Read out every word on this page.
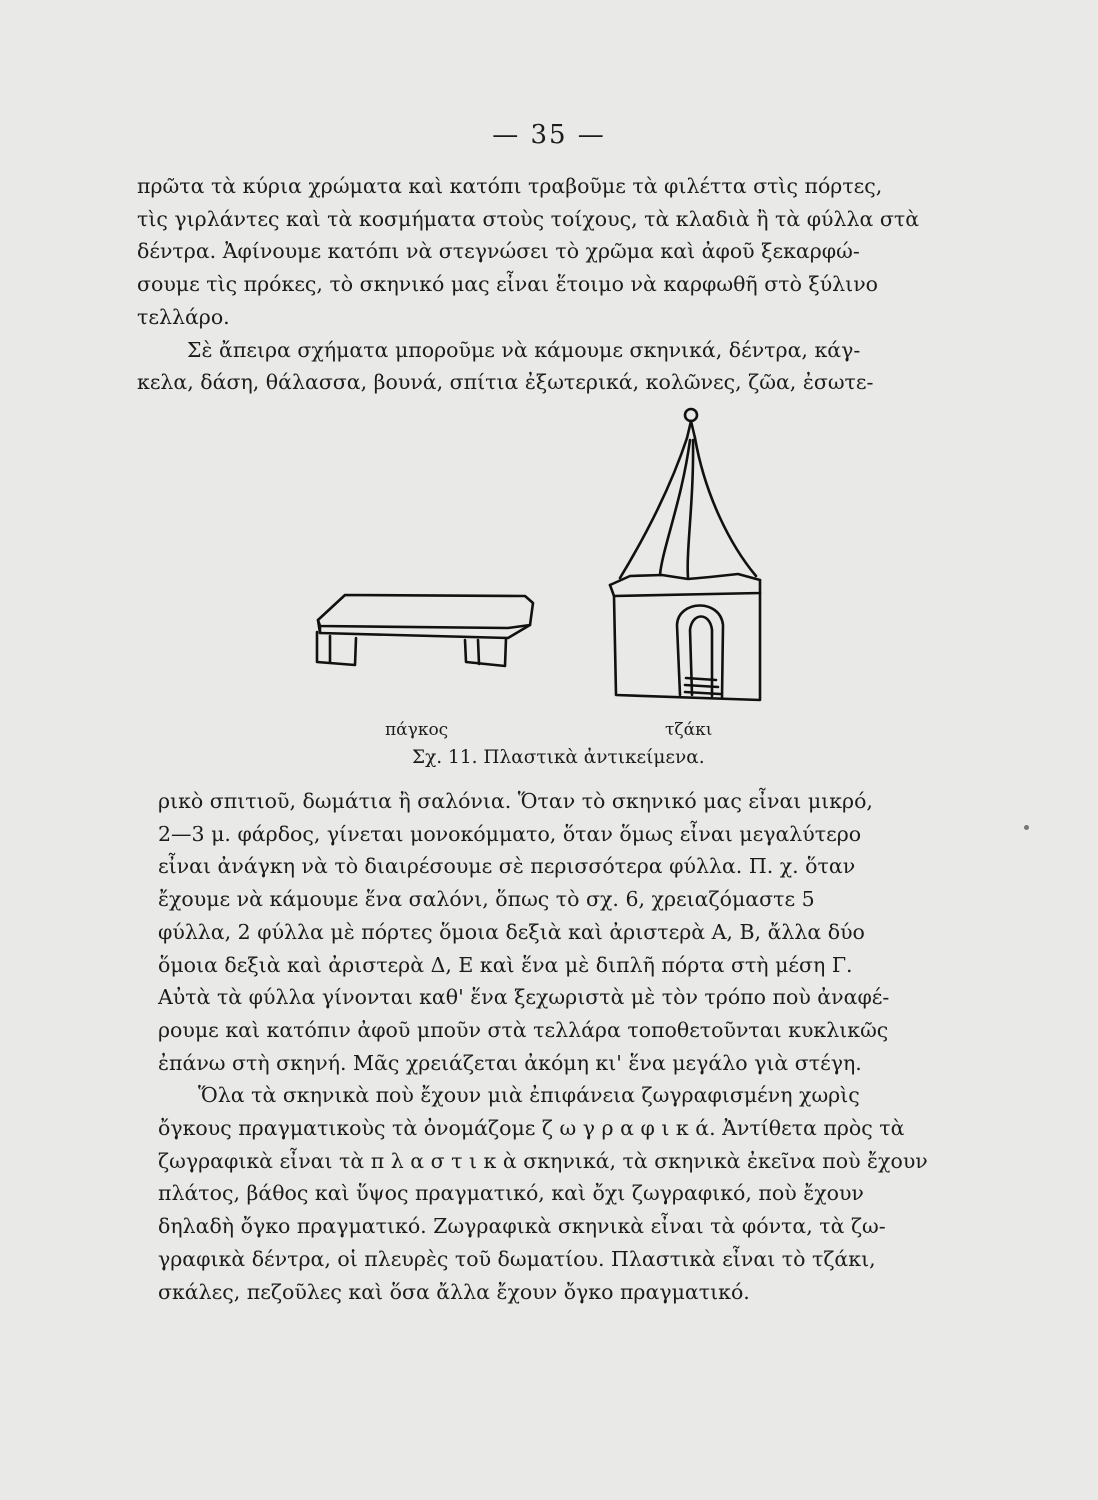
— 35 —
πρῶτα τὰ κύρια χρώματα καὶ κατόπι τραβοῦμε τὰ φιλέττα στὶς πόρτες,
τὶς γιρλάντες καὶ τὰ κοσμήματα στοὺς τοίχους, τὰ κλαδιὰ ἢ τὰ φύλλα στὰ
δέντρα. Ἀφίνουμε κατόπι νὰ στεγνώσει τὸ χρῶμα καὶ ἀφοῦ ξεκαρφώ-
σουμε τὶς πρόκες, τὸ σκηνικό μας εἶναι ἕτοιμο νὰ καρφωθῆ στὸ ξύλινο
τελλάρο.
Σὲ ἄπειρα σχήματα μποροῦμε νὰ κάμουμε σκηνικά, δέντρα, κάγ-
κελα, δάση, θάλασσα, βουνά, σπίτια ἐξωτερικά, κολῶνες, ζῶα, ἐσωτε-
πάγκος	τζάκι
Σχ. 11. Πλαστικὰ ἀντικείμενα.
ρικὸ σπιτιοῦ, δωμάτια ἢ σαλόνια. Ὅταν τὸ σκηνικό μας εἶναι μικρό,
2—3 μ. φάρδος, γίνεται μονοκόμματο, ὅταν ὅμως εἶναι μεγαλύτερο
εἶναι ἀνάγκη νὰ τὸ διαιρέσουμε σὲ περισσότερα φύλλα. Π. χ. ὅταν
ἔχουμε νὰ κάμουμε ἕνα σαλόνι, ὅπως τὸ σχ. 6, χρειαζόμαστε 5
φύλλα, 2 φύλλα μὲ πόρτες ὅμοια δεξιὰ καὶ ἀριστερὰ Α, Β, ἄλλα δύο
ὅμοια δεξιὰ καὶ ἀριστερὰ Δ, Ε καὶ ἕνα μὲ διπλῆ πόρτα στὴ μέση Γ.
Αὐτὰ τὰ φύλλα γίνονται καθ' ἕνα ξεχωριστὰ μὲ τὸν τρόπο ποὺ ἀναφέ-
ρουμε καὶ κατόπιν ἀφοῦ μποῦν στὰ τελλάρα τοποθετοῦνται κυκλικῶς
ἐπάνω στὴ σκηνή. Μᾶς χρειάζεται ἀκόμη κι' ἕνα μεγάλο γιὰ στέγη.
Ὅλα τὰ σκηνικὰ ποὺ ἔχουν μιὰ ἐπιφάνεια ζωγραφισμένη χωρὶς
ὄγκους πραγματικοὺς τὰ ὀνομάζομε ζ ω γ ρ α φ ι κ ά. Ἀντίθετα πρὸς τὰ
ζωγραφικὰ εἶναι τὰ π λ α σ τ ι κ ὰ σκηνικά, τὰ σκηνικὰ ἐκεῖνα ποὺ ἔχουν
πλάτος, βάθος καὶ ὕψος πραγματικό, καὶ ὄχι ζωγραφικό, ποὺ ἔχουν
δηλαδὴ ὄγκο πραγματικό. Ζωγραφικὰ σκηνικὰ εἶναι τὰ φόντα, τὰ ζω-
γραφικὰ δέντρα, οἱ πλευρὲς τοῦ δωματίου. Πλαστικὰ εἶναι τὸ τζάκι,
σκάλες, πεζοῦλες καὶ ὅσα ἄλλα ἔχουν ὄγκο πραγματικό.
